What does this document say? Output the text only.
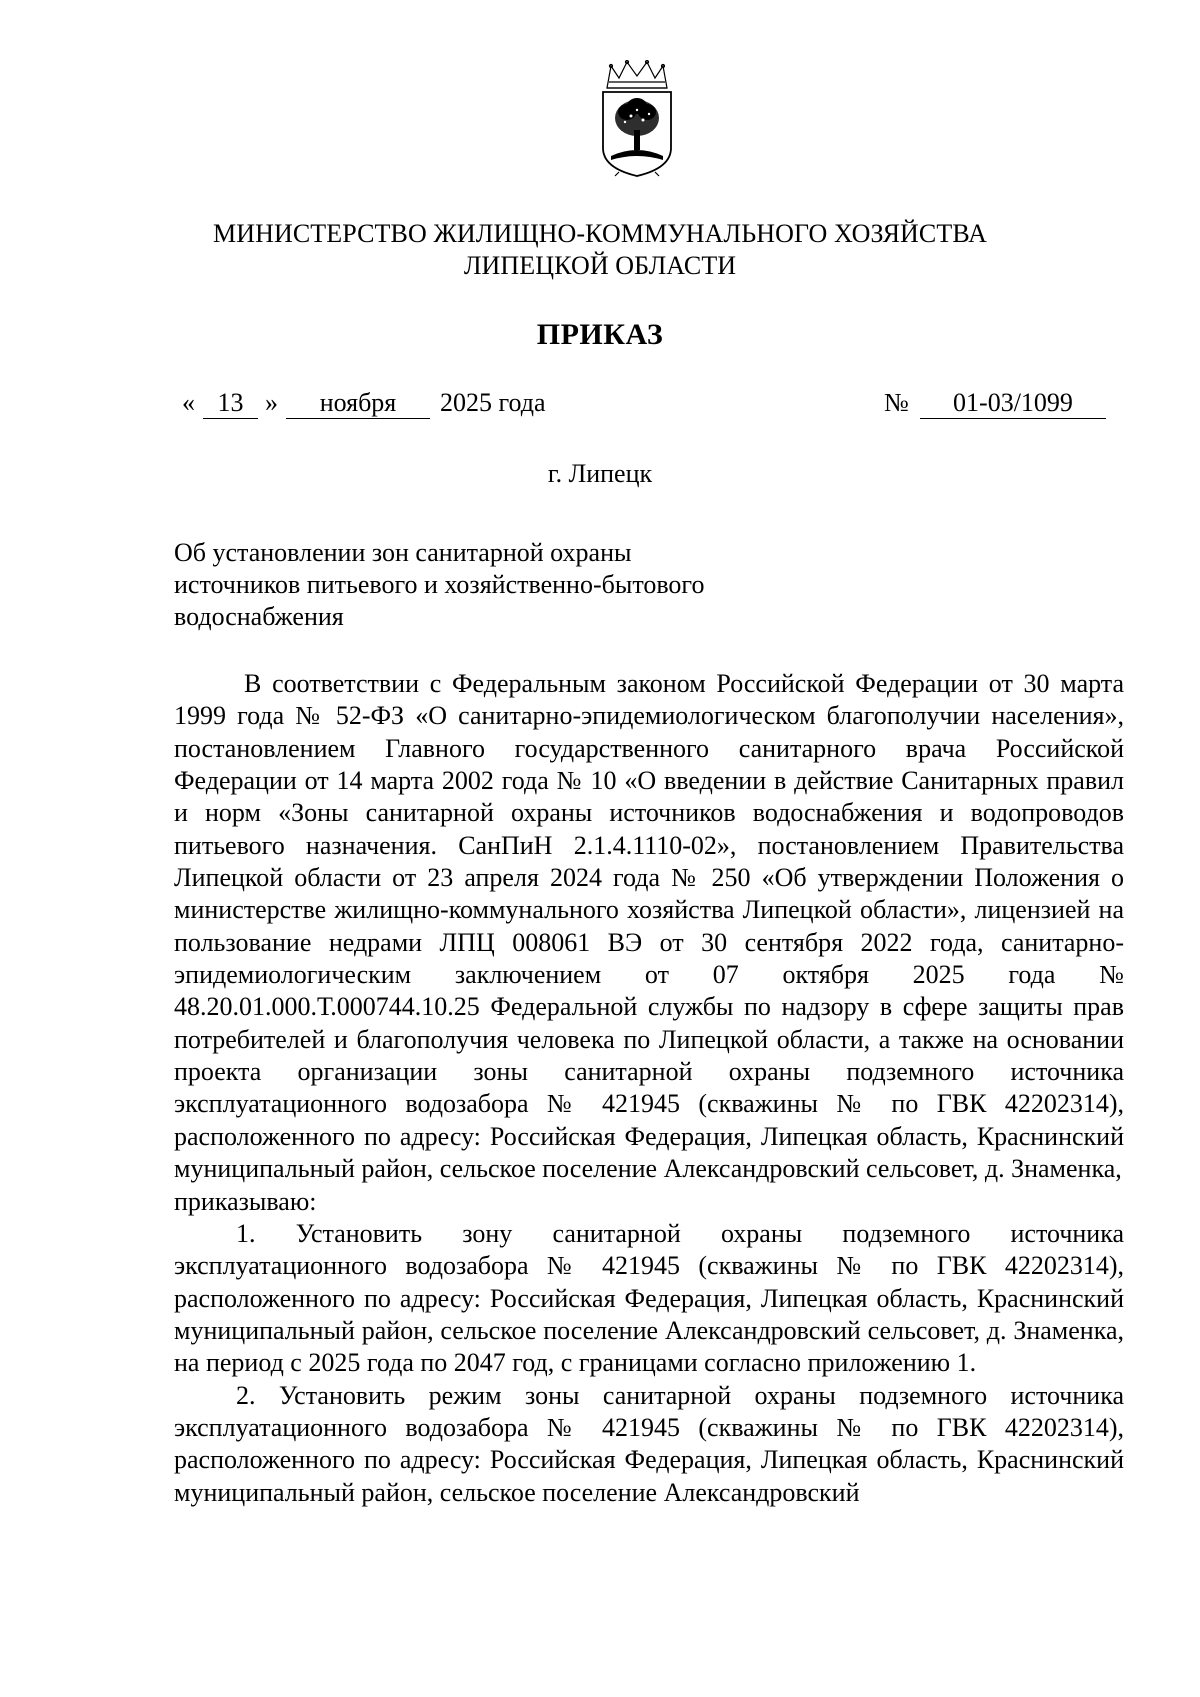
МИНИСТЕРСТВО ЖИЛИЩНО-КОММУНАЛЬНОГО ХОЗЯЙСТВА
ЛИПЕЦКОЙ ОБЛАСТИ
ПРИКАЗ
« 13 »	ноября	2025 года	№	01-03/1099
г. Липецк
Об установлении зон санитарной охраны
источников питьевого и хозяйственно-бытового
водоснабжения

В соответствии с Федеральным законом Российской Федерации от 30 марта 1999 года № 52-ФЗ «О санитарно-эпидемиологическом благополучии населения», постановлением Главного государственного санитарного врача Российской Федерации от 14 марта 2002 года № 10 «О введении в действие Санитарных правил и норм «Зоны санитарной охраны источников водоснабжения и водопроводов питьевого назначения. СанПиН 2.1.4.1110-02», постановлением Правительства Липецкой области от 23 апреля 2024 года № 250 «Об утверждении Положения о министерстве жилищно-коммунального хозяйства Липецкой области», лицензией на пользование недрами ЛПЦ 008061 ВЭ от 30 сентября 2022 года, санитарно-эпидемиологическим заключением от 07 октября 2025 года № 48.20.01.000.Т.000744.10.25 Федеральной службы по надзору в сфере защиты прав потребителей и благополучия человека по Липецкой области, а также на основании проекта организации зоны санитарной охраны подземного источника эксплуатационного водозабора № 421945 (скважины № по ГВК 42202314), расположенного по адресу: Российская Федерация, Липецкая область, Краснинский муниципальный район, сельское поселение Александровский сельсовет, д. Знаменка,

приказываю:

1. Установить зону санитарной охраны подземного источника эксплуатационного водозабора № 421945 (скважины № по ГВК 42202314), расположенного по адресу: Российская Федерация, Липецкая область, Краснинский муниципальный район, сельское поселение Александровский сельсовет, д. Знаменка, на период с 2025 года по 2047 год, с границами согласно приложению 1.

2. Установить режим зоны санитарной охраны подземного источника эксплуатационного водозабора № 421945 (скважины № по ГВК 42202314), расположенного по адресу: Российская Федерация, Липецкая область, Краснинский муниципальный район, сельское поселение Александровский
